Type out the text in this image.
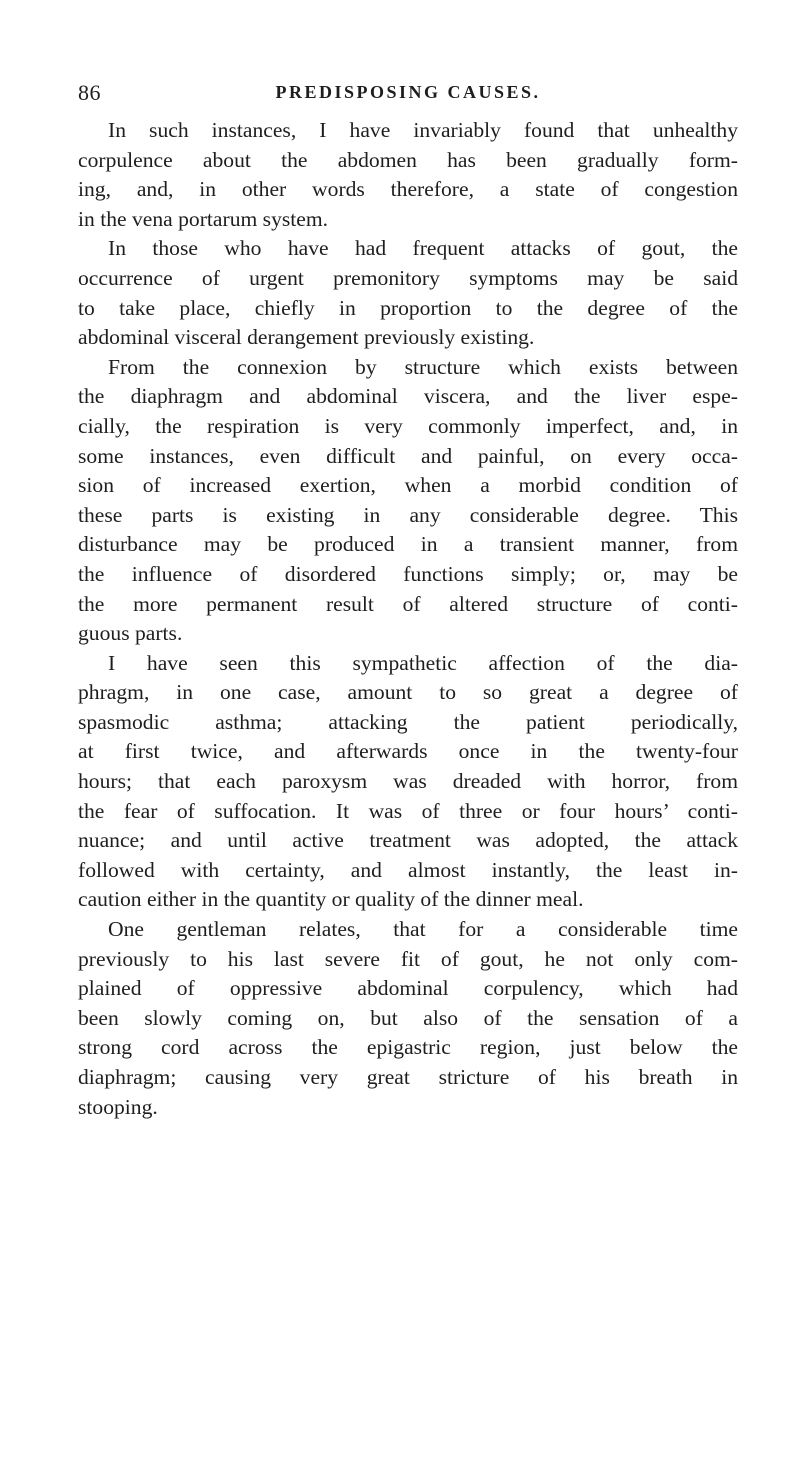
86	PREDISPOSING CAUSES.
In such instances, I have invariably found that unhealthy
corpulence about the abdomen has been gradually form-
ing, and, in other words therefore, a state of congestion
in the vena portarum system.
In those who have had frequent attacks of gout, the
occurrence of urgent premonitory symptoms may be said
to take place, chiefly in proportion to the degree of the
abdominal visceral derangement previously existing.
From the connexion by structure which exists between
the diaphragm and abdominal viscera, and the liver espe-
cially, the respiration is very commonly imperfect, and, in
some instances, even difficult and painful, on every occa-
sion of increased exertion, when a morbid condition of
these parts is existing in any considerable degree. This
disturbance may be produced in a transient manner, from
the influence of disordered functions simply; or, may be
the more permanent result of altered structure of conti-
guous parts.
I have seen this sympathetic affection of the dia-
phragm, in one case, amount to so great a degree of
spasmodic asthma; attacking the patient periodically,
at first twice, and afterwards once in the twenty-four
hours; that each paroxysm was dreaded with horror, from
the fear of suffocation. It was of three or four hours’ conti-
nuance; and until active treatment was adopted, the attack
followed with certainty, and almost instantly, the least in-
caution either in the quantity or quality of the dinner meal.
One gentleman relates, that for a considerable time
previously to his last severe fit of gout, he not only com-
plained of oppressive abdominal corpulency, which had
been slowly coming on, but also of the sensation of a
strong cord across the epigastric region, just below the
diaphragm; causing very great stricture of his breath in
stooping.
